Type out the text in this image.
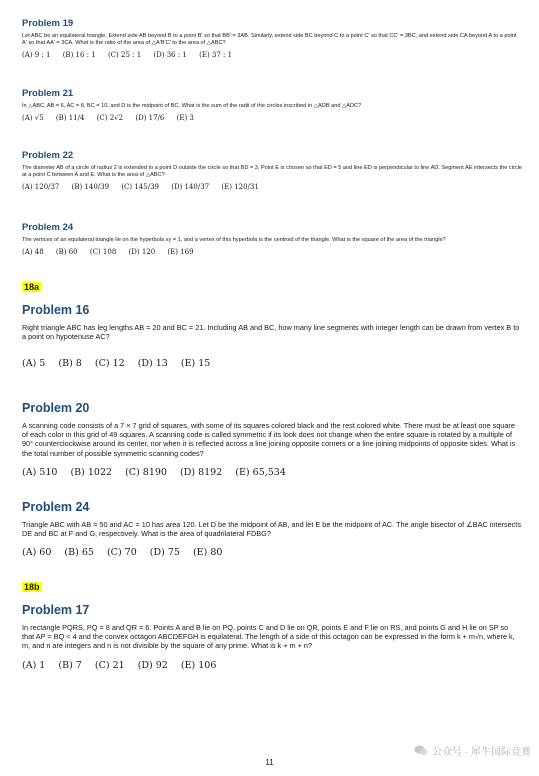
Problem 19

Let ABC be an equilateral triangle. Extend side AB beyond B to a point B′ so that BB′ = 3AB. Similarly, extend side BC beyond C to a point C′ so that CC′ = 3BC, and extend side CA beyond A to a point A′ so that AA′ = 3CA. What is the ratio of the area of △A′B′C′ to the area of △ABC?

(A) 9 : 1 (B) 16 : 1 (C) 25 : 1 (D) 36 : 1 (E) 37 : 1

Problem 21

In △ABC, AB = 6, AC = 8, BC = 10, and D is the midpoint of BC. What is the sum of the radii of the circles inscribed in △ADB and △ADC?

(A) √5 (B) 11/4 (C) 2√2 (D) 17/6 (E) 3

Problem 22

The diameter AB of a circle of radius 2 is extended to a point D outside the circle so that BD = 3. Point E is chosen so that ED = 5 and line ED is perpendicular to line AD. Segment AE intersects the circle at a point C between A and E. What is the area of △ABC?

(A) 120/37 (B) 140/39 (C) 145/39 (D) 140/37 (E) 120/31

Problem 24

The vertices of an equilateral triangle lie on the hyperbola xy = 1, and a vertex of this hyperbola is the centroid of the triangle. What is the square of the area of the triangle?

(A) 48 (B) 60 (C) 108 (D) 120 (E) 169
18a

Problem 16

Right triangle ABC has leg lengths AB = 20 and BC = 21. Including AB and BC, how many line segments with integer length can be drawn from vertex B to a point on hypotenuse AC?

(A) 5 (B) 8 (C) 12 (D) 13 (E) 15

Problem 20

A scanning code consists of a 7 × 7 grid of squares, with some of its squares colored black and the rest colored white. There must be at least one square of each color in this grid of 49 squares. A scanning code is called symmetric if its look does not change when the entire square is rotated by a multiple of 90° counterclockwise around its center, nor when it is reflected across a line joining opposite corners or a line joining midpoints of opposite sides. What is the total number of possible symmetric scanning codes?

(A) 510 (B) 1022 (C) 8190 (D) 8192 (E) 65,534

Problem 24

Triangle ABC with AB = 50 and AC = 10 has area 120. Let D be the midpoint of AB, and let E be the midpoint of AC. The angle bisector of ∠BAC intersects DE and BC at F and G, respectively. What is the area of quadrilateral FDBG?

(A) 60 (B) 65 (C) 70 (D) 75 (E) 80
18b

Problem 17

In rectangle PQRS, PQ = 8 and QR = 6. Points A and B lie on PQ, points C and D lie on QR, points E and F lie on RS, and points G and H lie on SP so that AP = BQ < 4 and the convex octagon ABCDEFGH is equilateral. The length of a side of this octagon can be expressed in the form k + m√n, where k, m, and n are integers and n is not divisible by the square of any prime. What is k + m + n?

(A) 1 (B) 7 (C) 21 (D) 92 (E) 106
公众号 · 犀牛国际竞赛
11
